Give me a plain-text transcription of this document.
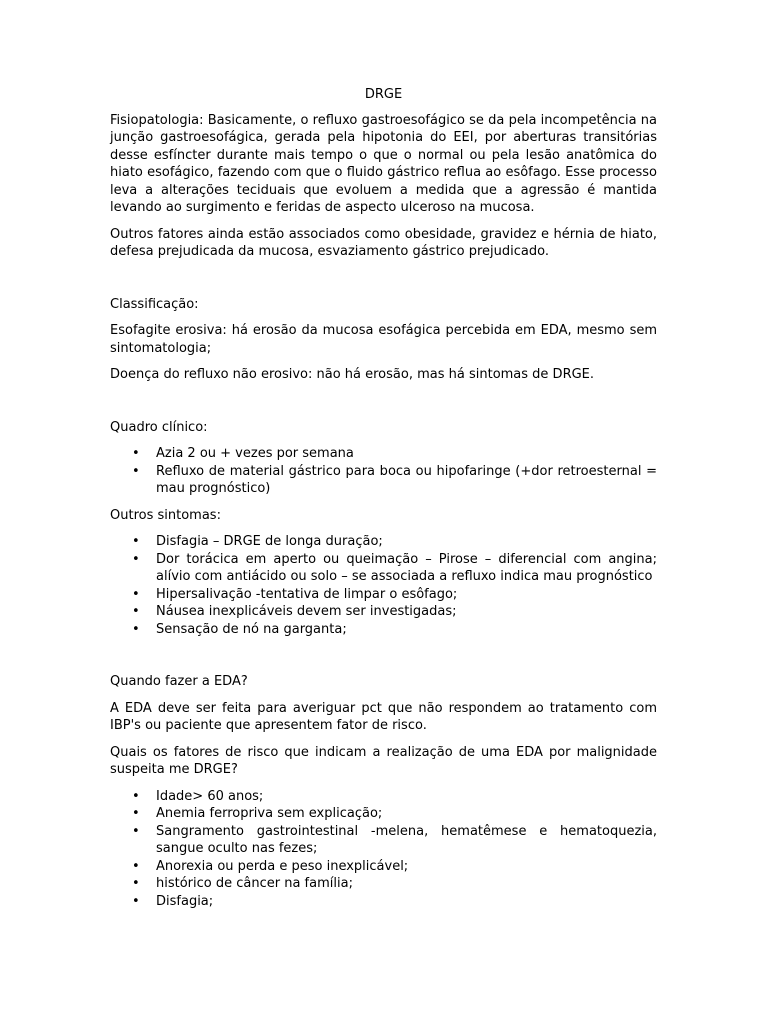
DRGE

Fisiopatologia: Basicamente, o refluxo gastroesofágico se da pela incompetência na junção gastroesofágica, gerada pela hipotonia do EEI, por aberturas transitórias desse esfíncter durante mais tempo o que o normal ou pela lesão anatômica do hiato esofágico, fazendo com que o fluido gástrico reflua ao esôfago. Esse processo leva a alterações teciduais que evoluem a medida que a agressão é mantida levando ao surgimento e feridas de aspecto ulceroso na mucosa.

Outros fatores ainda estão associados como obesidade, gravidez e hérnia de hiato, defesa prejudicada da mucosa, esvaziamento gástrico prejudicado.

Classificação:

Esofagite erosiva: há erosão da mucosa esofágica percebida em EDA, mesmo sem sintomatologia;

Doença do refluxo não erosivo: não há erosão, mas há sintomas de DRGE.

Quadro clínico:

• Azia 2 ou + vezes por semana
• Refluxo de material gástrico para boca ou hipofaringe (+dor retroesternal = mau prognóstico)

Outros sintomas:

• Disfagia – DRGE de longa duração;
• Dor torácica em aperto ou queimação – Pirose – diferencial com angina; alívio com antiácido ou solo – se associada a refluxo indica mau prognóstico
• Hipersalivação -tentativa de limpar o esôfago;
• Náusea inexplicáveis devem ser investigadas;
• Sensação de nó na garganta;

Quando fazer a EDA?

A EDA deve ser feita para averiguar pct que não respondem ao tratamento com IBP's ou paciente que apresentem fator de risco.

Quais os fatores de risco que indicam a realização de uma EDA por malignidade suspeita me DRGE?

• Idade> 60 anos;
• Anemia ferropriva sem explicação;
• Sangramento gastrointestinal -melena, hematêmese e hematoquezia, sangue oculto nas fezes;
• Anorexia ou perda e peso inexplicável;
• histórico de câncer na família;
• Disfagia;
